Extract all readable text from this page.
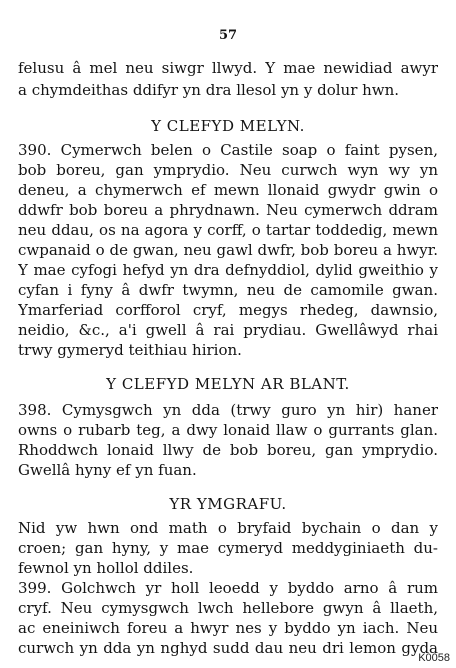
57
felusu â mel neu siwgr llwyd. Y mae newidiad awyr
a chymdeithas ddifyr yn dra llesol yn y dolur hwn.
Y CLEFYD MELYN.
390. Cymerwch belen o Castile soap o faint pysen,
bob boreu, gan ymprydio. Neu curwch wyn wy yn
deneu, a chymerwch ef mewn llonaid gwydr gwin o
ddwfr bob boreu a phrydnawn. Neu cymerwch ddram
neu ddau, os na agora y corff, o tartar toddedig, mewn
cwpanaid o de gwan, neu gawl dwfr, bob boreu a hwyr.
Y mae cyfogi hefyd yn dra defnyddiol, dylid gweithio y
cyfan i fyny â dwfr twymn, neu de camomile gwan.
Ymarferiad corfforol cryf, megys rhedeg, dawnsio,
neidio, &c., a'i gwell â rai prydiau. Gwellâwyd rhai
trwy gymeryd teithiau hirion.
Y CLEFYD MELYN AR BLANT.
398. Cymysgwch yn dda (trwy guro yn hir) haner
owns o rubarb teg, a dwy lonaid llaw o gurrants glan.
Rhoddwch lonaid llwy de bob boreu, gan ymprydio.
Gwellâ hyny ef yn fuan.
YR YMGRAFU.
Nid yw hwn ond math o bryfaid bychain o dan y
croen; gan hyny, y mae cymeryd meddyginiaeth du-
fewnol yn hollol ddiles.
399. Golchwch yr holl leoedd y byddo arno â rum
cryf. Neu cymysgwch lwch hellebore gwyn â llaeth,
ac eneiniwch foreu a hwyr nes y byddo yn iach. Neu
curwch yn dda yn nghyd sudd dau neu dri lemon gyda
K0058
